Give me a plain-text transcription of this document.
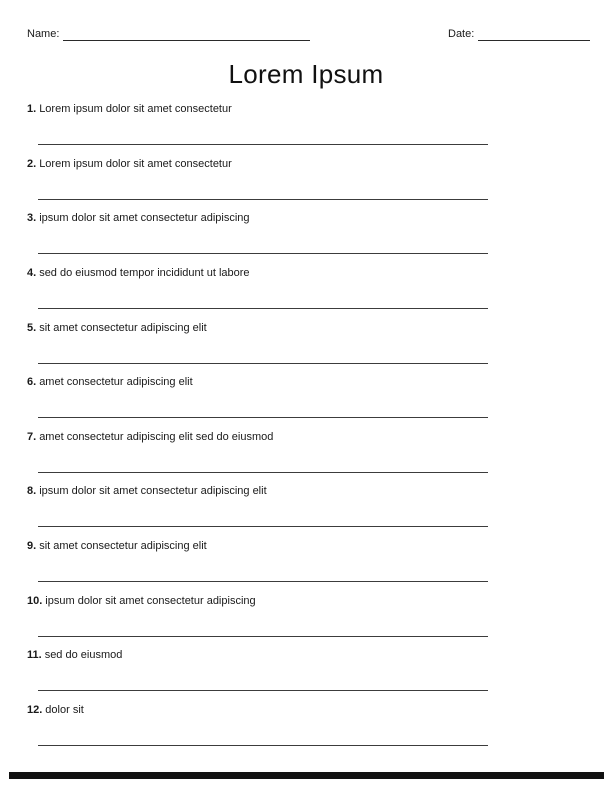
Name:	Date:
Lorem Ipsum
1. Lorem ipsum dolor sit amet consectetur
2. Lorem ipsum dolor sit amet consectetur
3. ipsum dolor sit amet consectetur adipiscing
4. sed do eiusmod tempor incididunt ut labore
5. sit amet consectetur adipiscing elit
6. amet consectetur adipiscing elit
7. amet consectetur adipiscing elit sed do eiusmod
8. ipsum dolor sit amet consectetur adipiscing elit
9. sit amet consectetur adipiscing elit
10. ipsum dolor sit amet consectetur adipiscing
11. sed do eiusmod
12. dolor sit
